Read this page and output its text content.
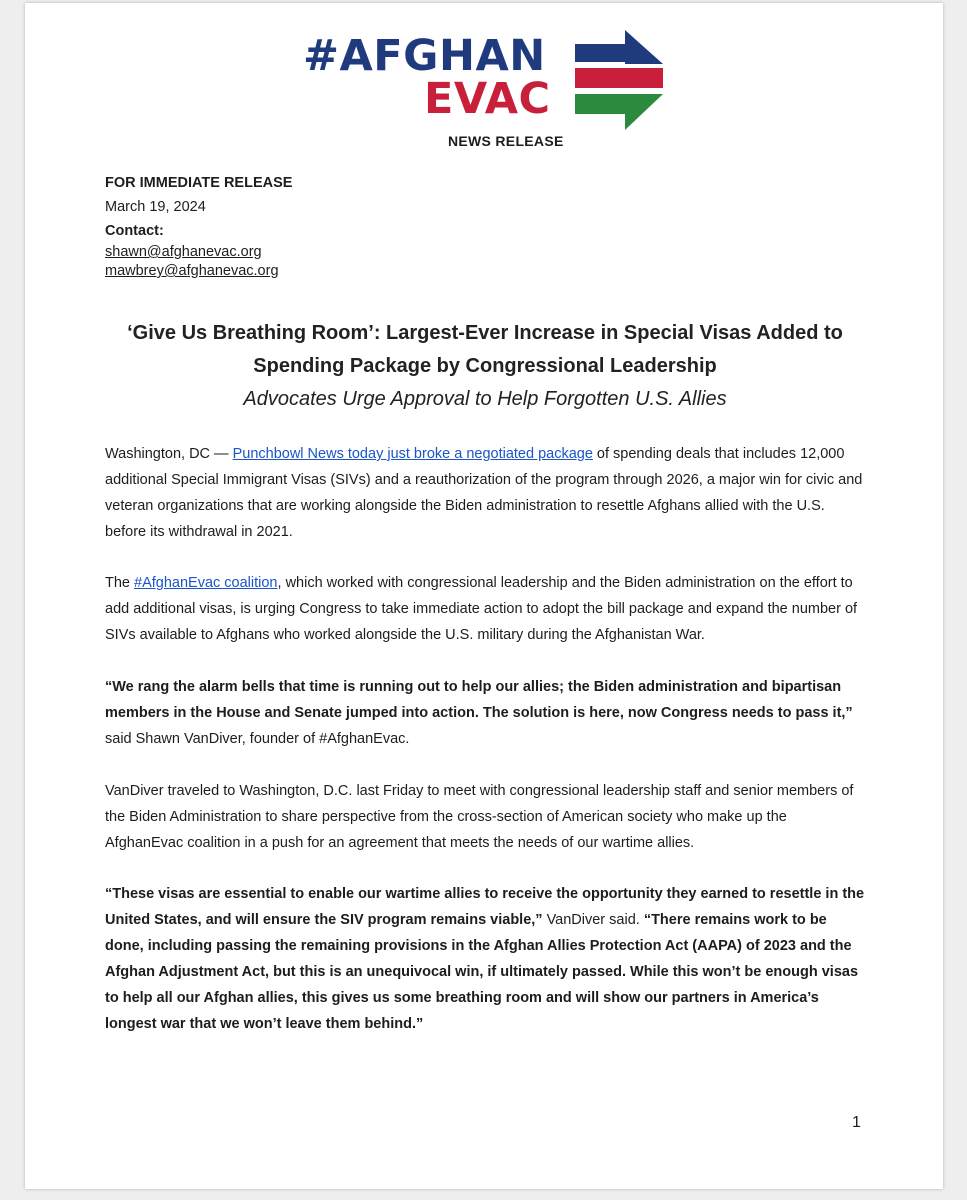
#AFGHAN
EVAC
NEWS RELEASE
FOR IMMEDIATE RELEASE
March 19, 2024
Contact:
shawn@afghanevac.org
mawbrey@afghanevac.org
‘Give Us Breathing Room’: Largest-Ever Increase in Special Visas Added to Spending Package by Congressional Leadership
Advocates Urge Approval to Help Forgotten U.S. Allies

Washington, DC — Punchbowl News today just broke a negotiated package of spending deals that includes 12,000 additional Special Immigrant Visas (SIVs) and a reauthorization of the program through 2026, a major win for civic and veteran organizations that are working alongside the Biden administration to resettle Afghans allied with the U.S. before its withdrawal in 2021.

The #AfghanEvac coalition, which worked with congressional leadership and the Biden administration on the effort to add additional visas, is urging Congress to take immediate action to adopt the bill package and expand the number of SIVs available to Afghans who worked alongside the U.S. military during the Afghanistan War.

“We rang the alarm bells that time is running out to help our allies; the Biden administration and bipartisan members in the House and Senate jumped into action. The solution is here, now Congress needs to pass it,” said Shawn VanDiver, founder of #AfghanEvac.

VanDiver traveled to Washington, D.C. last Friday to meet with congressional leadership staff and senior members of the Biden Administration to share perspective from the cross-section of American society who make up the AfghanEvac coalition in a push for an agreement that meets the needs of our wartime allies.

“These visas are essential to enable our wartime allies to receive the opportunity they earned to resettle in the United States, and will ensure the SIV program remains viable,” VanDiver said. “There remains work to be done, including passing the remaining provisions in the Afghan Allies Protection Act (AAPA) of 2023 and the Afghan Adjustment Act, but this is an unequivocal win, if ultimately passed. While this won’t be enough visas to help all our Afghan allies, this gives us some breathing room and will show our partners in America’s longest war that we won’t leave them behind.”

1
